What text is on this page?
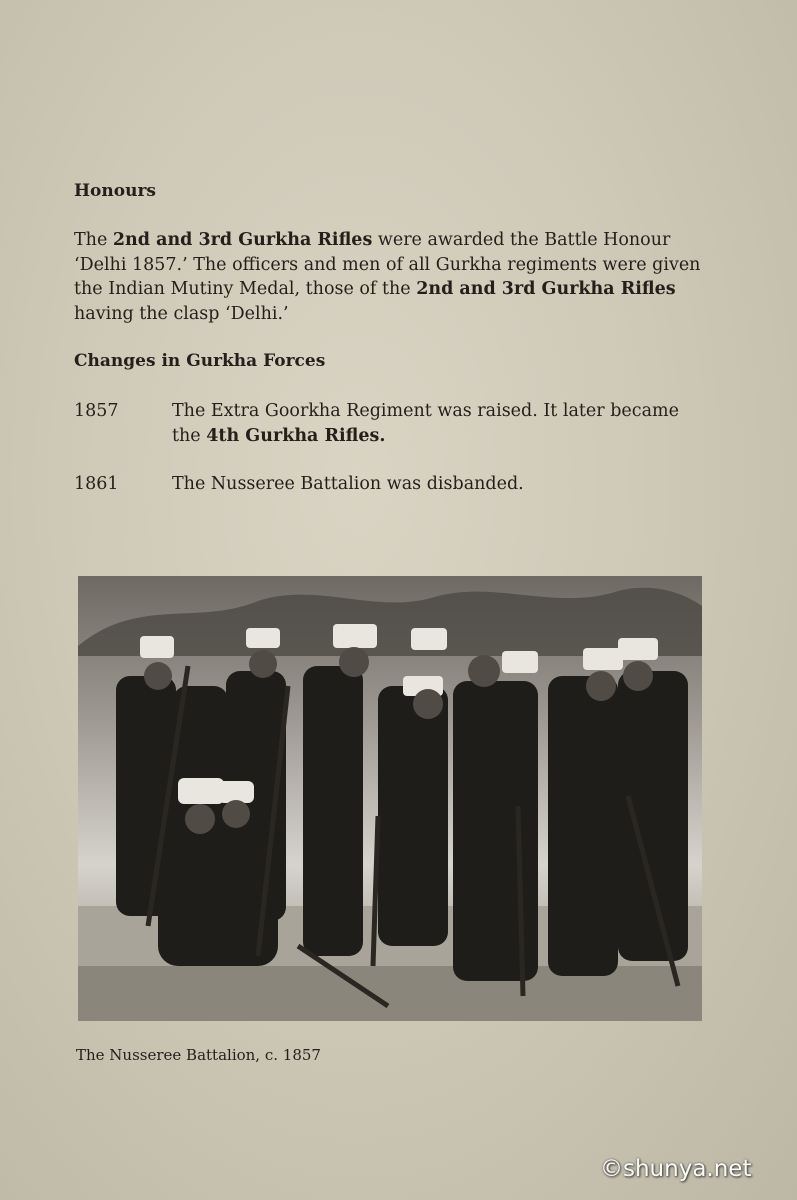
Honours
The 2nd and 3rd Gurkha Rifles were awarded the Battle Honour ‘Delhi 1857.’ The officers and men of all Gurkha regiments were given the Indian Mutiny Medal, those of the 2nd and 3rd Gurkha Rifles having the clasp ‘Delhi.’
Changes in Gurkha Forces
1857	The Extra Goorkha Regiment was raised. It later became the 4th Gurkha Rifles.
1861	The Nusseree Battalion was disbanded.
The Nusseree Battalion, c. 1857
©shunya.net
